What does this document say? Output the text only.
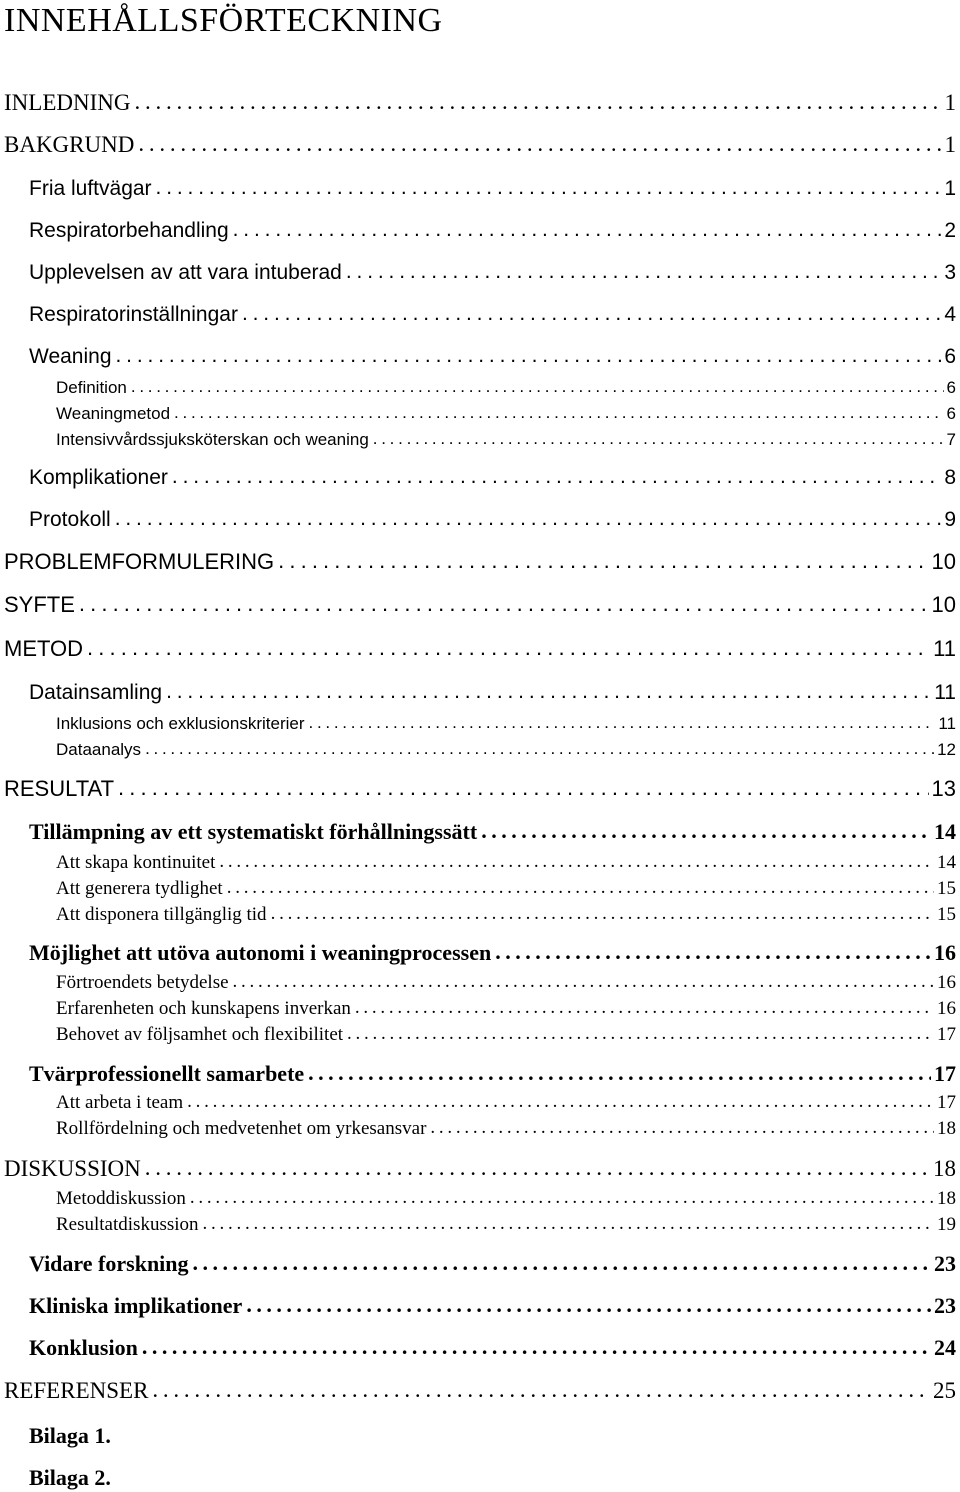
INNEHÅLLSFÖRTECKNING
INLEDNING . . .	1
BAKGRUND . . .	1
Fria luftvägar . . .	1
Respiratorbehandling . . .	2
Upplevelsen av att vara intuberad . . .	3
Respiratorinställningar . . .	4
Weaning . . .	6
Definition . . .	6
Weaningmetod . . .	6
Intensivvårdssjuksköterskan och weaning . . .	7
Komplikationer . . .	8
Protokoll . . .	9
PROBLEMFORMULERING . . .	10
SYFTE . . .	10
METOD . . .	11
Datainsamling . . .	11
Inklusions och exklusionskriterier . . .	11
Dataanalys . . .	12
RESULTAT . . .	13
Tillämpning av ett systematiskt förhållningssätt . . .	14
Att skapa kontinuitet . . .	14
Att generera tydlighet . . .	15
Att disponera tillgänglig tid . . .	15
Möjlighet att utöva autonomi i weaningprocessen . . .	16
Förtroendets betydelse . . .	16
Erfarenheten och kunskapens inverkan . . .	16
Behovet av följsamhet och flexibilitet . . .	17
Tvärprofessionellt samarbete . . .	17
Att arbeta i team . . .	17
Rollfördelning och medvetenhet om yrkesansvar . . .	18
DISKUSSION . . .	18
Metoddiskussion . . .	18
Resultatdiskussion . . .	19
Vidare forskning . . .	23
Kliniska implikationer . . .	23
Konklusion . . .	24
REFERENSER . . .	25
Bilaga 1.
Bilaga 2.
